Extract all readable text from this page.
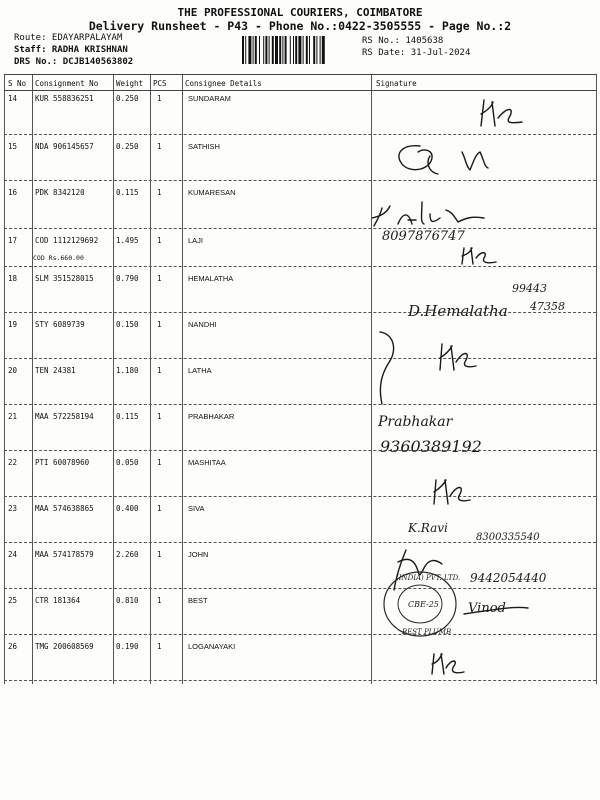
THE PROFESSIONAL COURIERS, COIMBATORE
Delivery Runsheet - P43 - Phone No.:0422-3505555 - Page No.:2
Route: EDAYARPALAYAM
Staff: RADHA KRISHNAN
DRS No.: DCJB140563802
RS No.: 1405638
RS Date: 31-Jul-2024
S No Consignment No Weight PCS Consignee Details	Signature
14 KUR 558836251	0.250 1	SUNDARAM
15 NDA 906145657	0.250 1	SATHISH
16 PDK 8342120	0.115 1	KUMARESAN
17 COD 1112129692 1.495 1	LAJI
COD Rs.660.00
18 SLM 351528015	0.790 1	HEMALATHA
19 STY 6089739	0.150 1	NANDHI
20 TEN 24381	1.180 1	LATHA
21 MAA 572258194	0.115 1	PRABHAKAR
22 PTI 60078960	0.050 1	MASHITAA
23 MAA 574638865	0.400 1	SIVA
24 MAA 574178579	2.260 1	JOHN
25 CTR 181364	0.810 1	BEST
26 TMG 200608569	0.190 1	LOGANAYAKI
8097876747
D.Hemalatha
99443
47358
Prabhakar
9360389192
K.Ravi
8300335540
9442054440
(INDIA) PVT. LTD.
BEST PLUMB
CBE-25 Vinod
